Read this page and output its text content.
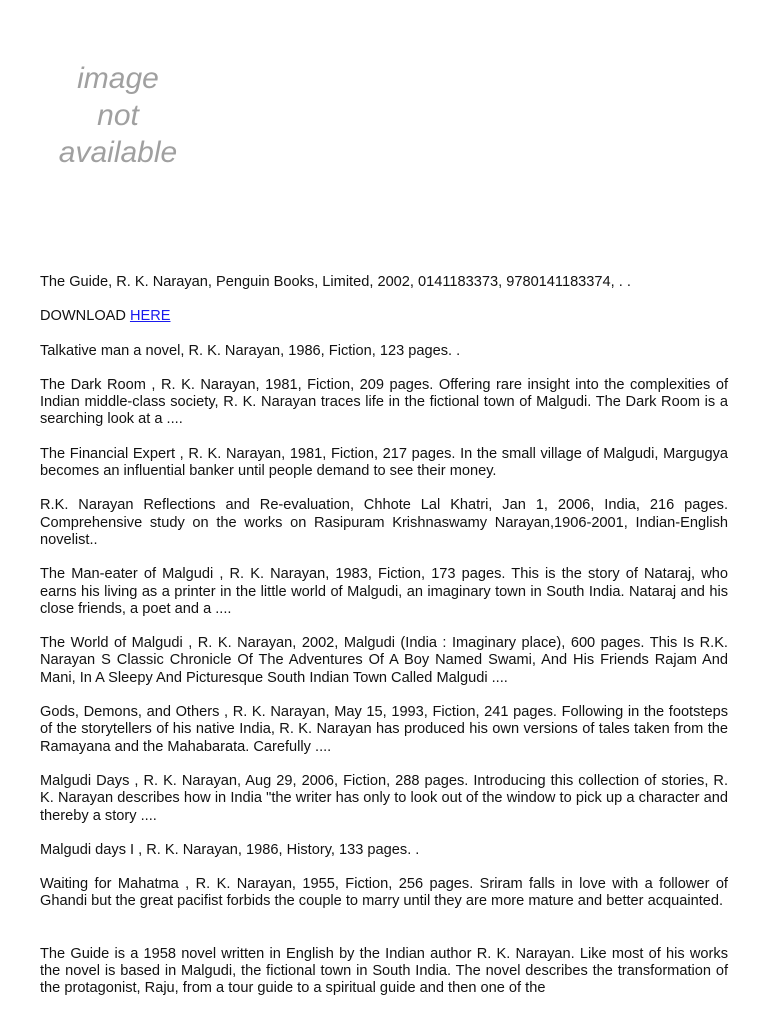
image
not
available

The Guide, R. K. Narayan, Penguin Books, Limited, 2002, 0141183373, 9780141183374, . .

DOWNLOAD HERE

Talkative man a novel, R. K. Narayan, 1986, Fiction, 123 pages. .

The Dark Room , R. K. Narayan, 1981, Fiction, 209 pages. Offering rare insight into the complexities of Indian middle-class society, R. K. Narayan traces life in the fictional town of Malgudi. The Dark Room is a searching look at a ....

The Financial Expert , R. K. Narayan, 1981, Fiction, 217 pages. In the small village of Malgudi, Margugya becomes an influential banker until people demand to see their money.

R.K. Narayan Reflections and Re-evaluation, Chhote Lal Khatri, Jan 1, 2006, India, 216 pages. Comprehensive study on the works on Rasipuram Krishnaswamy Narayan,1906-2001, Indian-English novelist..

The Man-eater of Malgudi , R. K. Narayan, 1983, Fiction, 173 pages. This is the story of Nataraj, who earns his living as a printer in the little world of Malgudi, an imaginary town in South India. Nataraj and his close friends, a poet and a ....

The World of Malgudi , R. K. Narayan, 2002, Malgudi (India : Imaginary place), 600 pages. This Is R.K. Narayan S Classic Chronicle Of The Adventures Of A Boy Named Swami, And His Friends Rajam And Mani, In A Sleepy And Picturesque South Indian Town Called Malgudi ....

Gods, Demons, and Others , R. K. Narayan, May 15, 1993, Fiction, 241 pages. Following in the footsteps of the storytellers of his native India, R. K. Narayan has produced his own versions of tales taken from the Ramayana and the Mahabarata. Carefully ....

Malgudi Days , R. K. Narayan, Aug 29, 2006, Fiction, 288 pages. Introducing this collection of stories, R. K. Narayan describes how in India "the writer has only to look out of the window to pick up a character and thereby a story ....

Malgudi days I , R. K. Narayan, 1986, History, 133 pages. .

Waiting for Mahatma , R. K. Narayan, 1955, Fiction, 256 pages. Sriram falls in love with a follower of Ghandi but the great pacifist forbids the couple to marry until they are more mature and better acquainted.

The Guide is a 1958 novel written in English by the Indian author R. K. Narayan. Like most of his works the novel is based in Malgudi, the fictional town in South India. The novel describes the transformation of the protagonist, Raju, from a tour guide to a spiritual guide and then one of the
